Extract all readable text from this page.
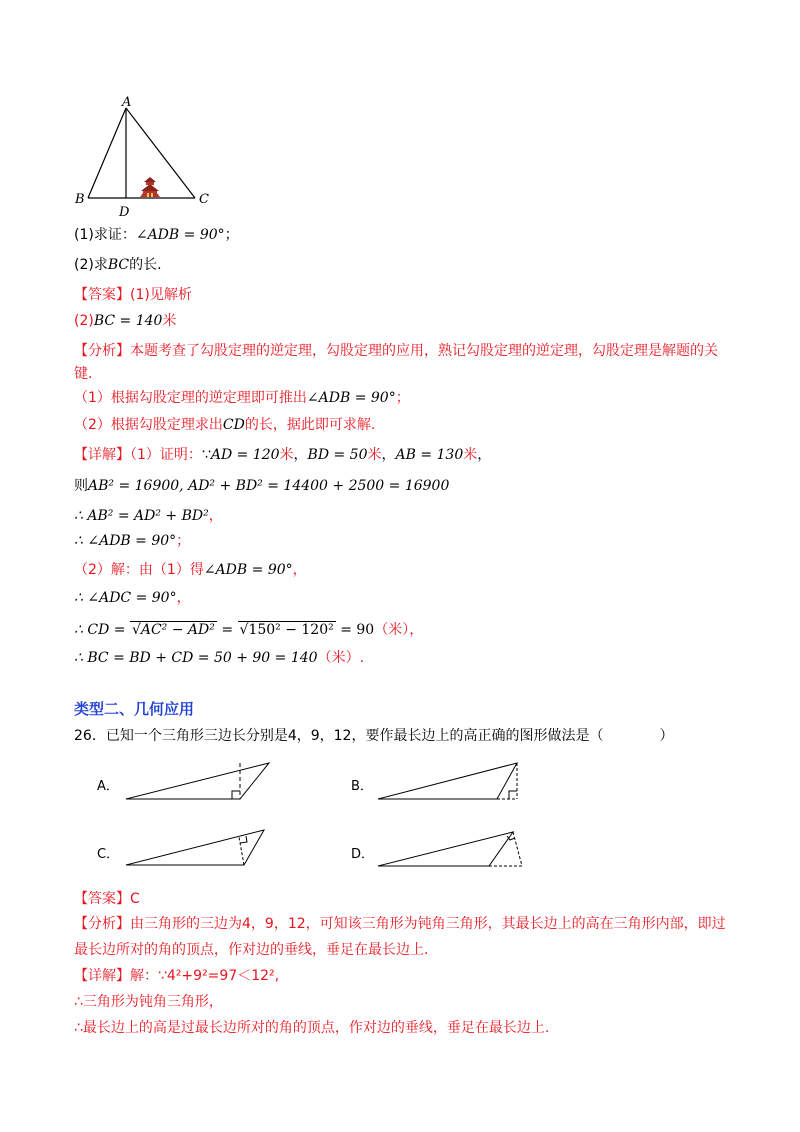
A
B	C
D
(1)求证：∠ADB = 90°；
(2)求BC的长.
【答案】(1)见解析
(2)BC = 140米
【分析】本题考查了勾股定理的逆定理，勾股定理的应用，熟记勾股定理的逆定理，勾股定理是解题的关
键.
（1）根据勾股定理的逆定理即可推出∠ADB = 90°；
（2）根据勾股定理求出CD的长，据此即可求解.
【详解】（1）证明：∵AD = 120米，BD = 50米，AB = 130米，
则AB² = 16900, AD² + BD² = 14400 + 2500 = 16900
∴ AB² = AD² + BD²，
∴ ∠ADB = 90°；
（2）解：由（1）得∠ADB = 90°，
∴ ∠ADC = 90°，
∴ CD = √AC² − AD² = √150² − 120² = 90（米），
∴ BC = BD + CD = 50 + 90 = 140（米）.
类型二、几何应用
26．已知一个三角形三边长分别是4，9，12，要作最长边上的高正确的图形做法是（　　　　）
A．	B．
C．	D．
【答案】C
【分析】由三角形的三边为4，9，12，可知该三角形为钝角三角形，其最长边上的高在三角形内部，即过
最长边所对的角的顶点，作对边的垂线，垂足在最长边上.
【详解】解：∵4²+9²=97＜12²,
∴三角形为钝角三角形，
∴最长边上的高是过最长边所对的角的顶点，作对边的垂线，垂足在最长边上.
